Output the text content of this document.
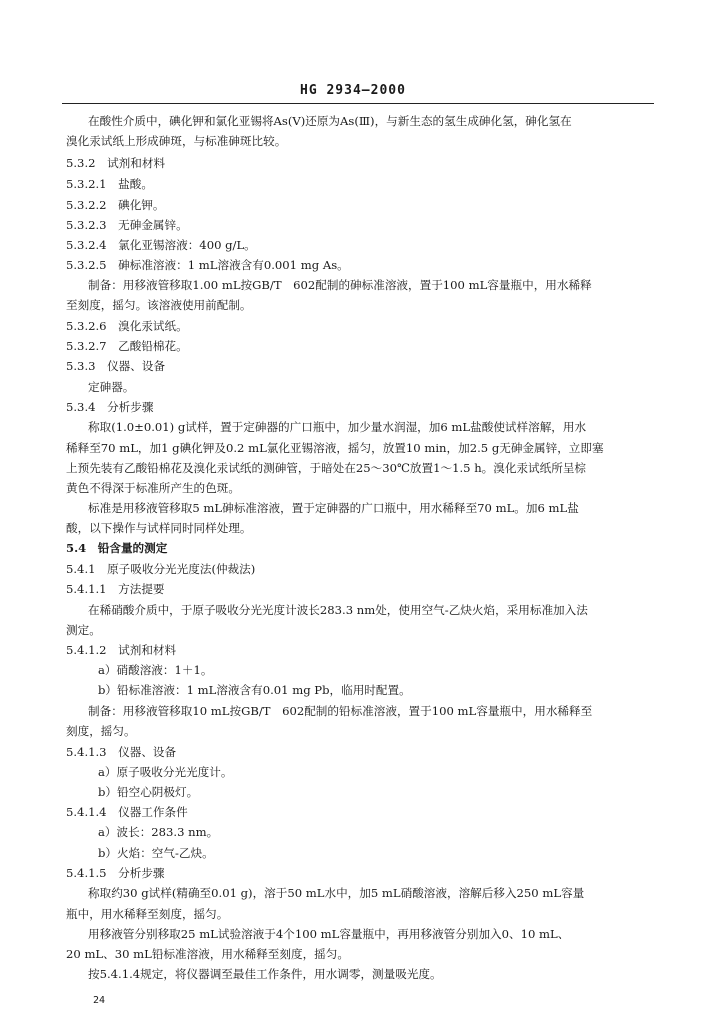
HG 2934—2000
在酸性介质中，碘化钾和氯化亚锡将As(Ⅴ)还原为As(Ⅲ)，与新生态的氢生成砷化氢，砷化氢在
溴化汞试纸上形成砷斑，与标准砷斑比较。
5.3.2　试剂和材料
5.3.2.1　盐酸。
5.3.2.2　碘化钾。
5.3.2.3　无砷金属锌。
5.3.2.4　氯化亚锡溶液：400 g/L。
5.3.2.5　砷标准溶液：1 mL溶液含有0.001 mg As。
制备：用移液管移取1.00 mL按GB/T　602配制的砷标准溶液，置于100 mL容量瓶中，用水稀释
至刻度，摇匀。该溶液使用前配制。
5.3.2.6　溴化汞试纸。
5.3.2.7　乙酸铅棉花。
5.3.3　仪器、设备
定砷器。
5.3.4　分析步骤
称取(1.0±0.01) g试样，置于定砷器的广口瓶中，加少量水润湿，加6 mL盐酸使试样溶解，用水
稀释至70 mL，加1 g碘化钾及0.2 mL氯化亚锡溶液，摇匀，放置10 min，加2.5 g无砷金属锌，立即塞
上预先装有乙酸铅棉花及溴化汞试纸的测砷管，于暗处在25～30℃放置1～1.5 h。溴化汞试纸所呈棕
黄色不得深于标准所产生的色斑。
标准是用移液管移取5 mL砷标准溶液，置于定砷器的广口瓶中，用水稀释至70 mL。加6 mL盐
酸，以下操作与试样同时同样处理。
5.4　铅含量的测定
5.4.1　原子吸收分光光度法(仲裁法)
5.4.1.1　方法提要
在稀硝酸介质中，于原子吸收分光光度计波长283.3 nm处，使用空气-乙炔火焰，采用标准加入法
测定。
5.4.1.2　试剂和材料
a）硝酸溶液：1＋1。
b）铅标准溶液：1 mL溶液含有0.01 mg Pb，临用时配置。
制备：用移液管移取10 mL按GB/T　602配制的铅标准溶液，置于100 mL容量瓶中，用水稀释至
刻度，摇匀。
5.4.1.3　仪器、设备
a）原子吸收分光光度计。
b）铅空心阴极灯。
5.4.1.4　仪器工作条件
a）波长：283.3 nm。
b）火焰：空气-乙炔。
5.4.1.5　分析步骤
称取约30 g试样(精确至0.01 g)，溶于50 mL水中，加5 mL硝酸溶液，溶解后移入250 mL容量
瓶中，用水稀释至刻度，摇匀。
用移液管分别移取25 mL试验溶液于4个100 mL容量瓶中，再用移液管分别加入0、10 mL、
20 mL、30 mL铅标准溶液，用水稀释至刻度，摇匀。
按5.4.1.4规定，将仪器调至最佳工作条件，用水调零，测量吸光度。
24
